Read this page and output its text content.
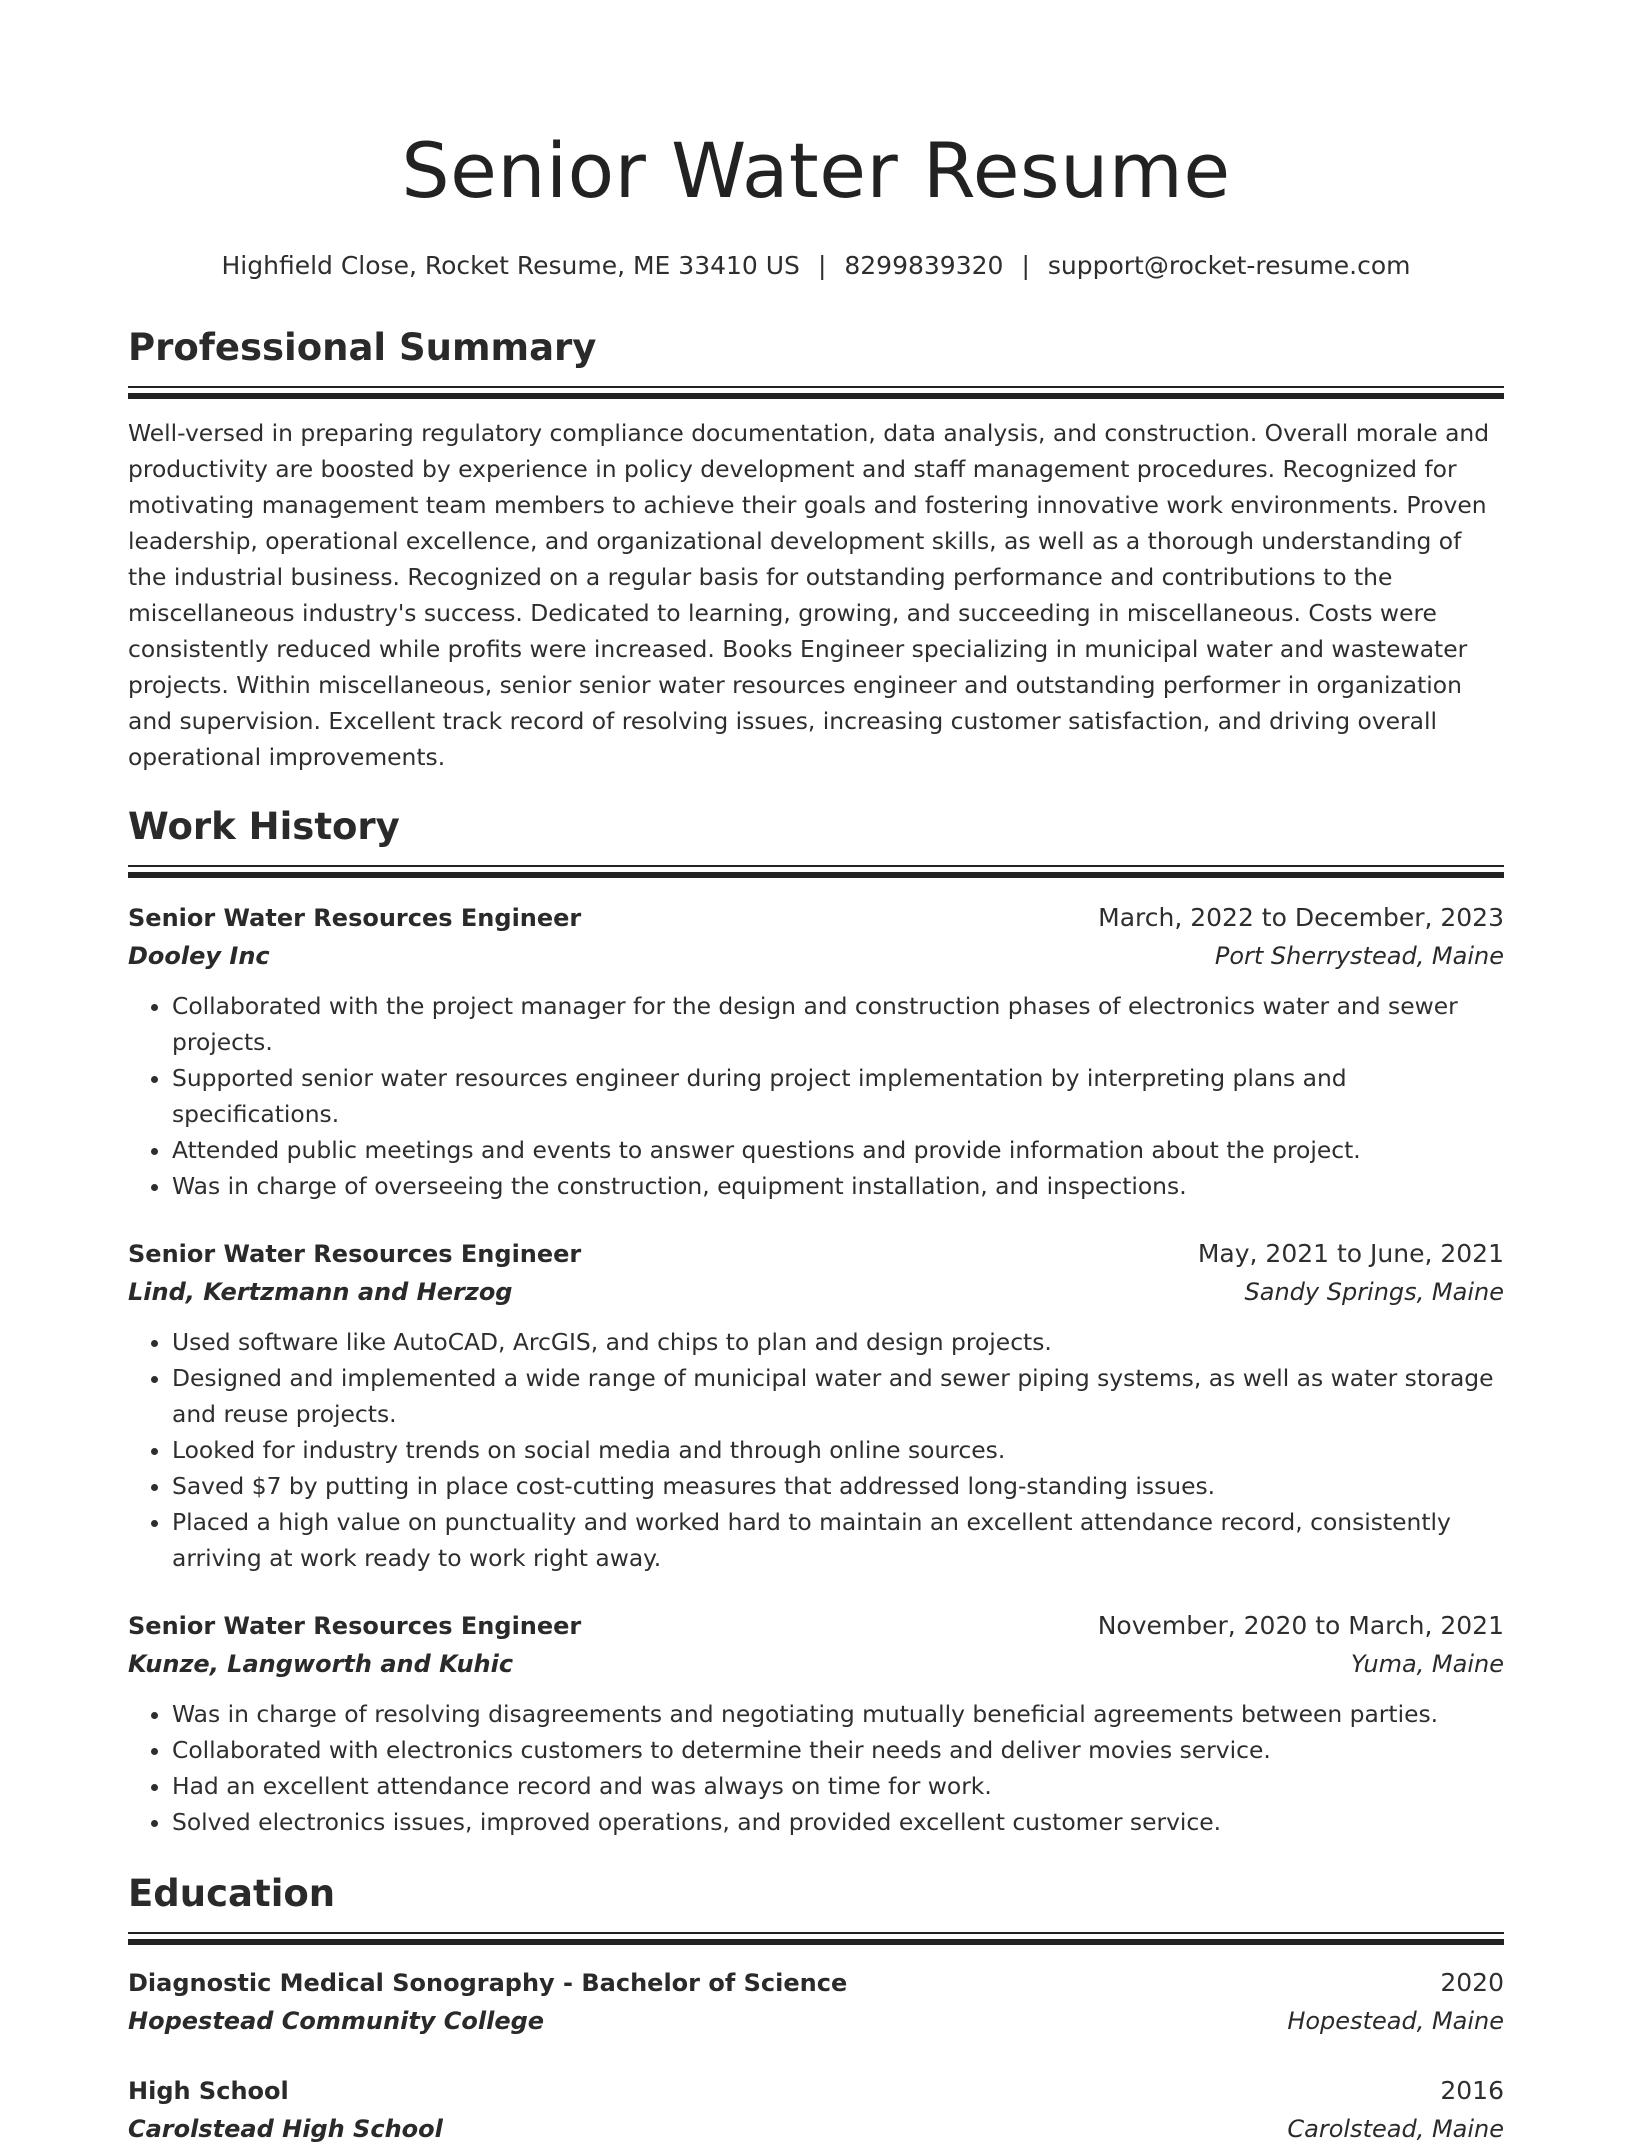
Senior Water Resume
Highfield Close, Rocket Resume, ME 33410 US | 8299839320 | support@rocket-resume.com
Professional Summary

Well-versed in preparing regulatory compliance documentation, data analysis, and construction. Overall morale and productivity are boosted by experience in policy development and staff management procedures. Recognized for motivating management team members to achieve their goals and fostering innovative work environments. Proven leadership, operational excellence, and organizational development skills, as well as a thorough understanding of the industrial business. Recognized on a regular basis for outstanding performance and contributions to the miscellaneous industry's success. Dedicated to learning, growing, and succeeding in miscellaneous. Costs were consistently reduced while profits were increased. Books Engineer specializing in municipal water and wastewater projects. Within miscellaneous, senior senior water resources engineer and outstanding performer in organization and supervision. Excellent track record of resolving issues, increasing customer satisfaction, and driving overall operational improvements.

Work History
Senior Water Resources Engineer	March, 2022 to December, 2023
Dooley Inc	Port Sherrystead, Maine
• Collaborated with the project manager for the design and construction phases of electronics water and sewer projects.
• Supported senior water resources engineer during project implementation by interpreting plans and specifications.
• Attended public meetings and events to answer questions and provide information about the project.
• Was in charge of overseeing the construction, equipment installation, and inspections.
Senior Water Resources Engineer	May, 2021 to June, 2021
Lind, Kertzmann and Herzog	Sandy Springs, Maine
• Used software like AutoCAD, ArcGIS, and chips to plan and design projects.
• Designed and implemented a wide range of municipal water and sewer piping systems, as well as water storage and reuse projects.
• Looked for industry trends on social media and through online sources.
• Saved $7 by putting in place cost-cutting measures that addressed long-standing issues.
• Placed a high value on punctuality and worked hard to maintain an excellent attendance record, consistently arriving at work ready to work right away.
Senior Water Resources Engineer	November, 2020 to March, 2021
Kunze, Langworth and Kuhic	Yuma, Maine
• Was in charge of resolving disagreements and negotiating mutually beneficial agreements between parties.
• Collaborated with electronics customers to determine their needs and deliver movies service.
• Had an excellent attendance record and was always on time for work.
• Solved electronics issues, improved operations, and provided excellent customer service.
Education
Diagnostic Medical Sonography - Bachelor of Science	2020
Hopestead Community College	Hopestead, Maine
High School	2016
Carolstead High School	Carolstead, Maine
